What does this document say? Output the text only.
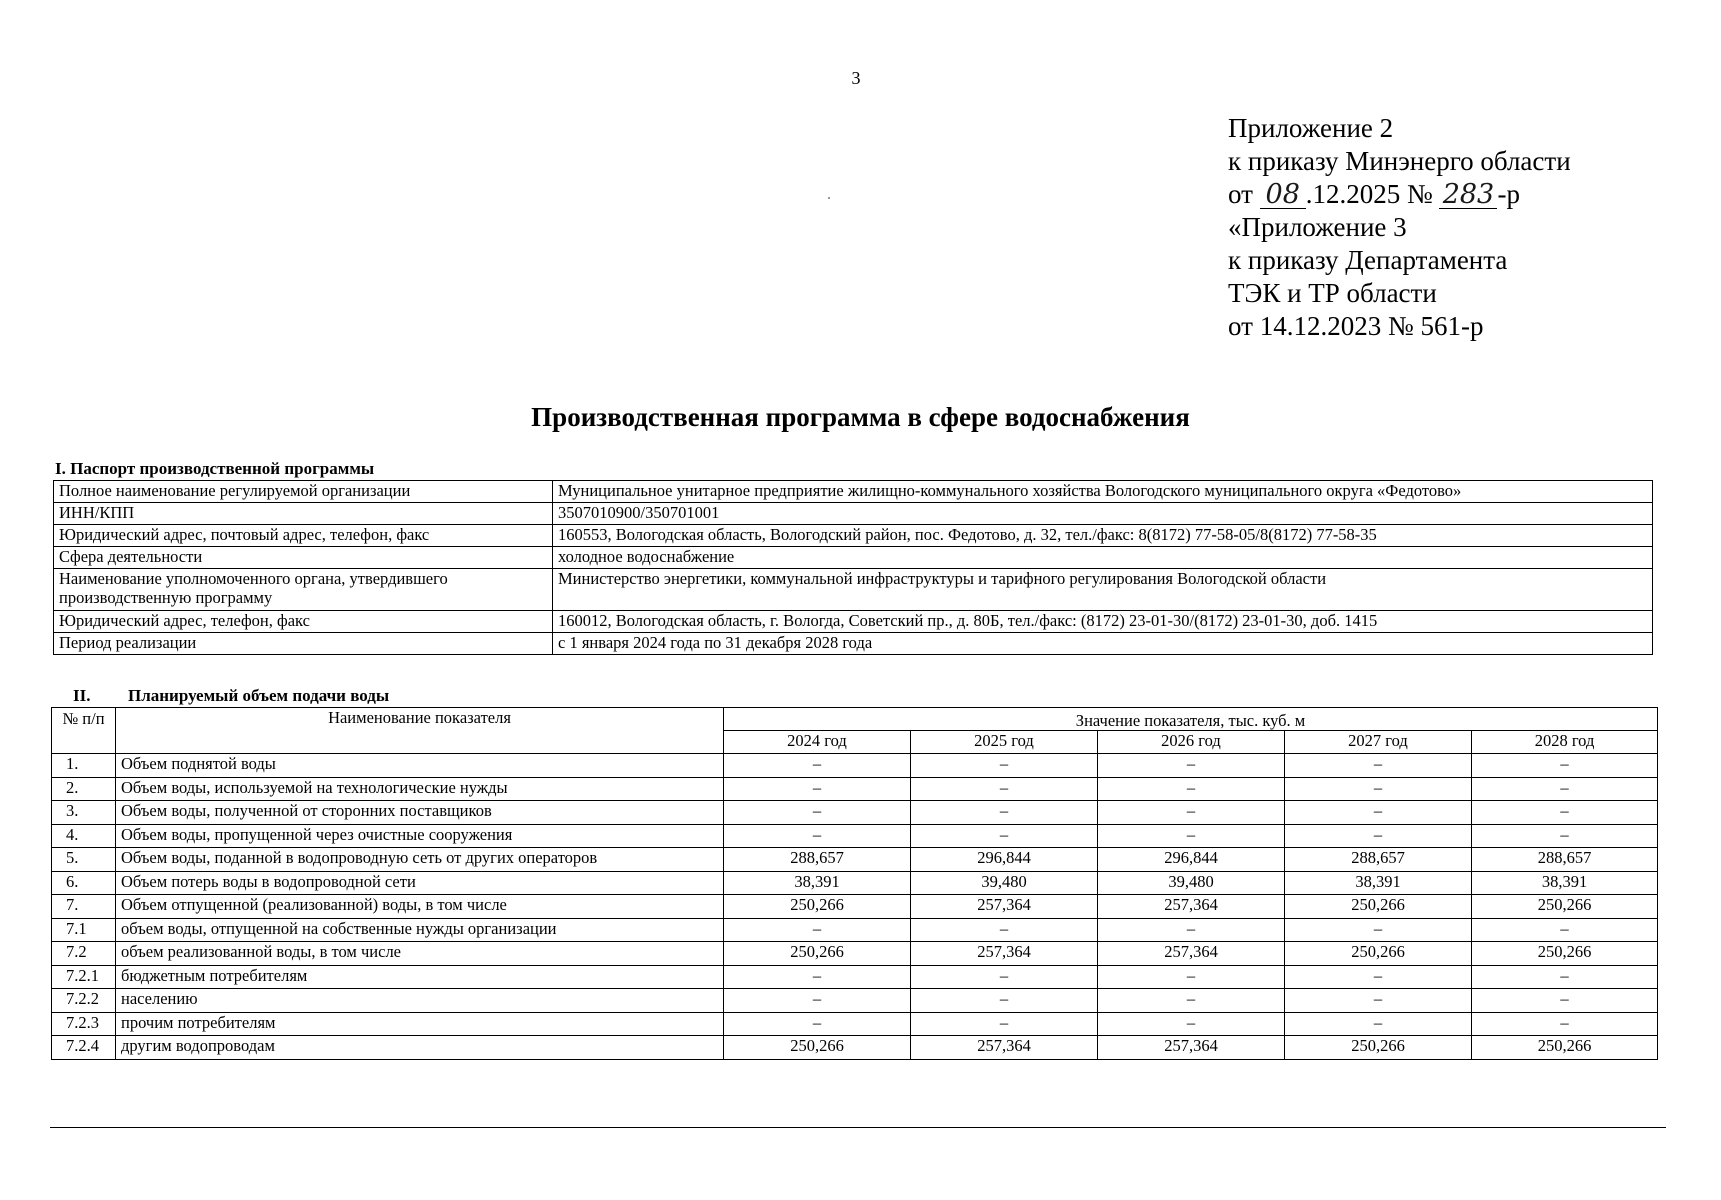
3
Приложение 2
к приказу Минэнерго области
от 08 .12.2025 № 283 -р
«Приложение 3
к приказу Департамента
ТЭК и ТР области
от 14.12.2023 № 561-р
Производственная программа в сфере водоснабжения
I. Паспорт производственной программы
Полное наименование регулируемой организации	Муниципальное унитарное предприятие жилищно-коммунального хозяйства Вологодского муниципального округа «Федотово»
ИНН/КПП	3507010900/350701001
Юридический адрес, почтовый адрес, телефон, факс	160553, Вологодская область, Вологодский район, пос. Федотово, д. 32, тел./факс: 8(8172) 77-58-05/8(8172) 77-58-35
Сфера деятельности	холодное водоснабжение
Наименование уполномоченного органа, утвердившего производственную программу	Министерство энергетики, коммунальной инфраструктуры и тарифного регулирования Вологодской области
Юридический адрес, телефон, факс	160012, Вологодская область, г. Вологда, Советский пр., д. 80Б, тел./факс: (8172) 23-01-30/(8172) 23-01-30, доб. 1415
Период реализации	с 1 января 2024 года по 31 декабря 2028 года
II. Планируемый объем подачи воды
№ п/п	Наименование показателя	Значение показателя, тыс. куб. м				
		2024 год	2025 год	2026 год	2027 год	2028 год
1.	Объем поднятой воды	–	–	–	–	–
2.	Объем воды, используемой на технологические нужды	–	–	–	–	–
3.	Объем воды, полученной от сторонних поставщиков	–	–	–	–	–
4.	Объем воды, пропущенной через очистные сооружения	–	–	–	–	–
5.	Объем воды, поданной в водопроводную сеть от других операторов	288,657	296,844	296,844	288,657	288,657
6.	Объем потерь воды в водопроводной сети	38,391	39,480	39,480	38,391	38,391
7.	Объем отпущенной (реализованной) воды, в том числе	250,266	257,364	257,364	250,266	250,266
7.1	объем воды, отпущенной на собственные нужды организации	–	–	–	–	–
7.2	объем реализованной воды, в том числе	250,266	257,364	257,364	250,266	250,266
7.2.1	бюджетным потребителям	–	–	–	–	–
7.2.2	населению	–	–	–	–	–
7.2.3	прочим потребителям	–	–	–	–	–
7.2.4	другим водопроводам	250,266	257,364	257,364	250,266	250,266
